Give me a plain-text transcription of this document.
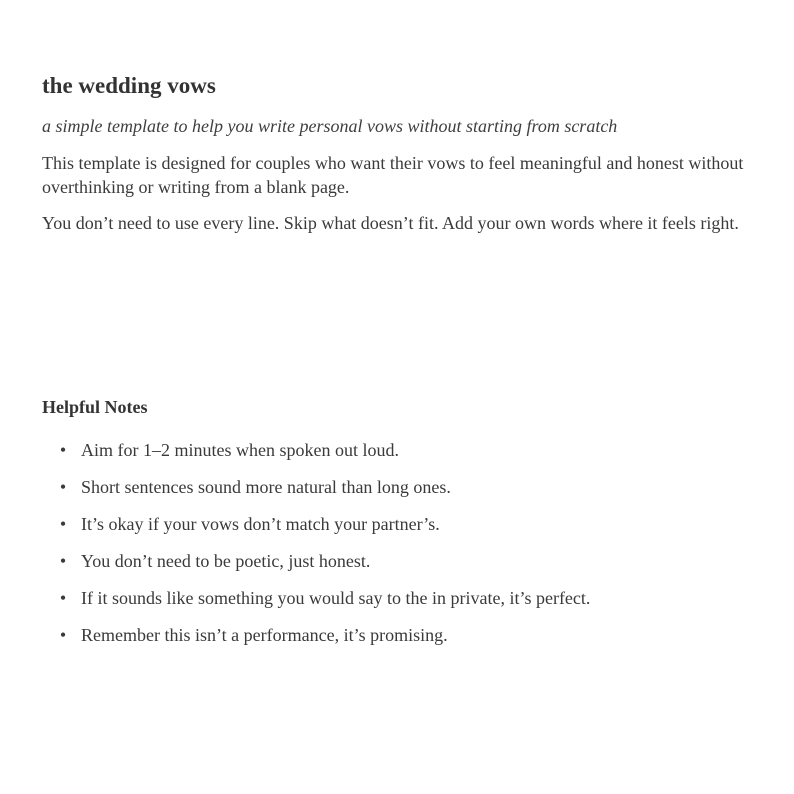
the wedding vows

a simple template to help you write personal vows without starting from scratch

This template is designed for couples who want their vows to feel meaningful and honest without overthinking or writing from a blank page.

You don’t need to use every line. Skip what doesn’t fit. Add your own words where it feels right.

Helpful Notes
• Aim for 1–2 minutes when spoken out loud.
• Short sentences sound more natural than long ones.
• It’s okay if your vows don’t match your partner’s.
• You don’t need to be poetic, just honest.
• If it sounds like something you would say to the in private, it’s perfect.
• Remember this isn’t a performance, it’s promising.
